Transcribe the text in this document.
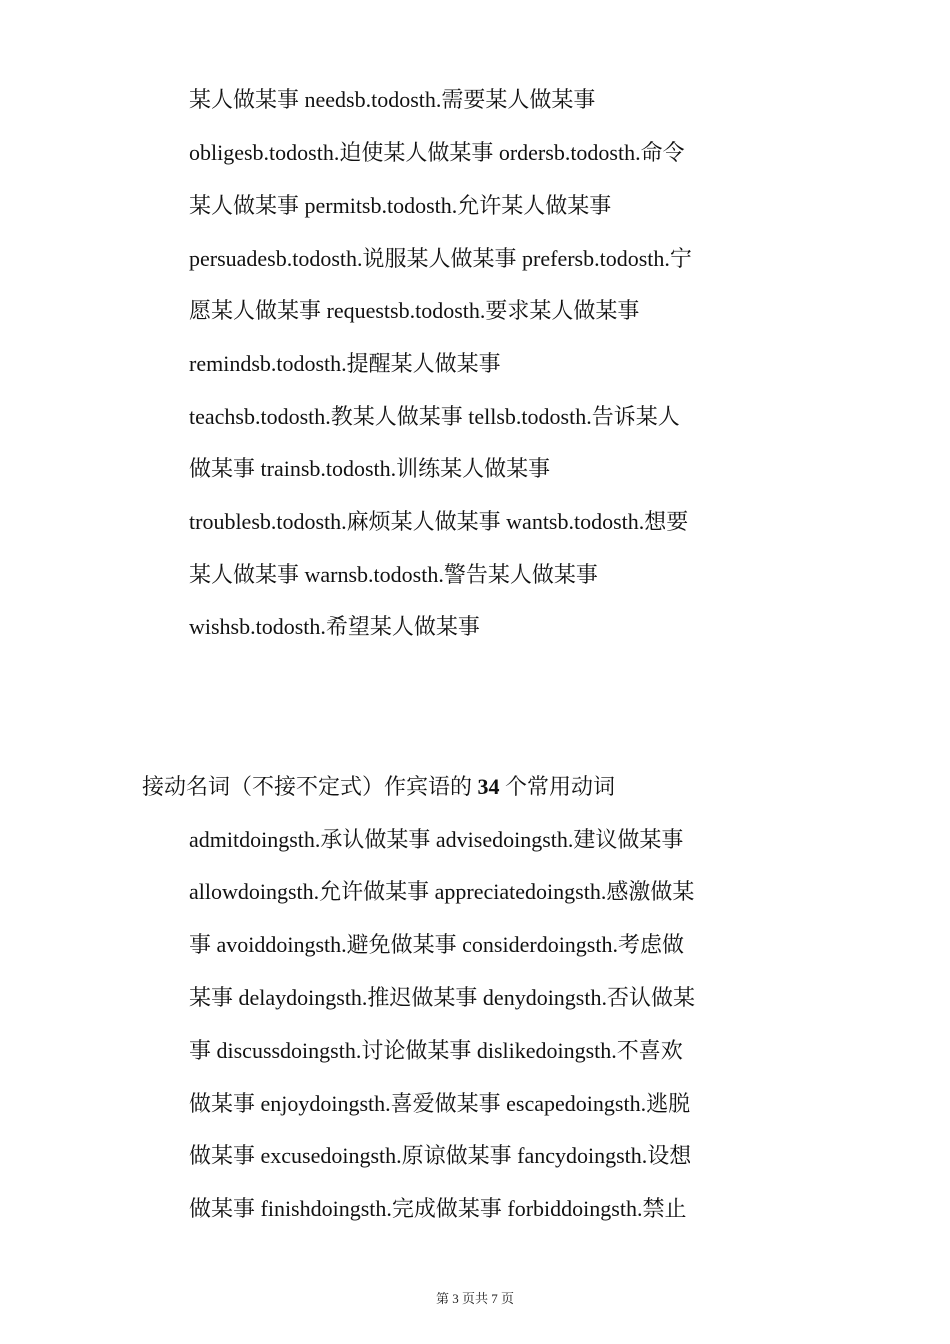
某人做某事 needsb.todosth.需要某人做某事
obligesb.todosth.迫使某人做某事 ordersb.todosth.命令
某人做某事 permitsb.todosth.允许某人做某事
persuadesb.todosth.说服某人做某事 prefersb.todosth.宁
愿某人做某事 requestsb.todosth.要求某人做某事
remindsb.todosth.提醒某人做某事
teachsb.todosth.教某人做某事 tellsb.todosth.告诉某人
做某事 trainsb.todosth.训练某人做某事
troublesb.todosth.麻烦某人做某事 wantsb.todosth.想要
某人做某事 warnsb.todosth.警告某人做某事
wishsb.todosth.希望某人做某事
接动名词（不接不定式）作宾语的 34 个常用动词
admitdoingsth.承认做某事 advisedoingsth.建议做某事
allowdoingsth.允许做某事 appreciatedoingsth.感激做某
事 avoiddoingsth.避免做某事 considerdoingsth.考虑做
某事 delaydoingsth.推迟做某事 denydoingsth.否认做某
事 discussdoingsth.讨论做某事 dislikedoingsth.不喜欢
做某事 enjoydoingsth.喜爱做某事 escapedoingsth.逃脱
做某事 excusedoingsth.原谅做某事 fancydoingsth.设想
做某事 finishdoingsth.完成做某事 forbiddoingsth.禁止
第 3 页共 7 页
